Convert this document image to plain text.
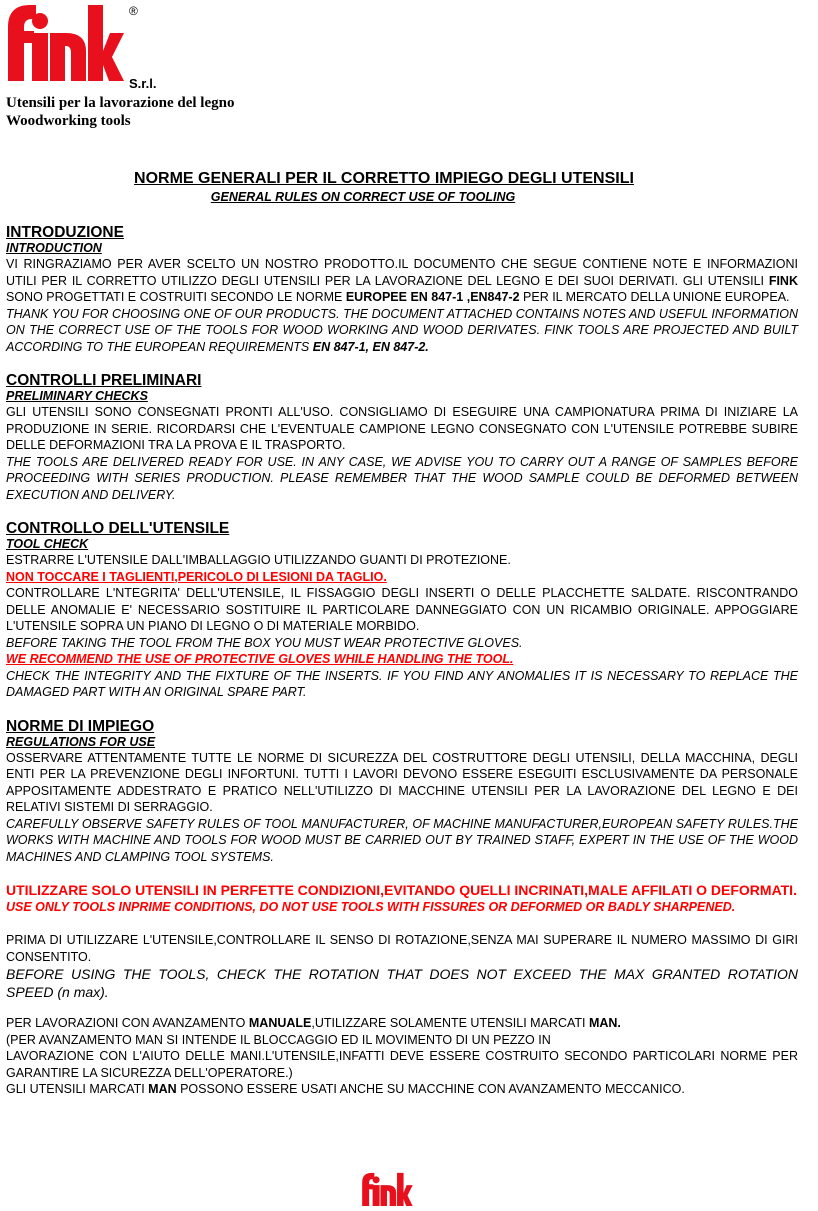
®
S.r.l.
Utensili per la lavorazione del legno
Woodworking tools
NORME GENERALI PER IL CORRETTO IMPIEGO DEGLI UTENSILI
GENERAL RULES ON CORRECT USE OF TOOLING

INTRODUZIONE

INTRODUCTION

VI RINGRAZIAMO PER AVER SCELTO UN NOSTRO PRODOTTO.IL DOCUMENTO CHE SEGUE CONTIENE NOTE E INFORMAZIONI UTILI PER IL CORRETTO UTILIZZO DEGLI UTENSILI PER LA LAVORAZIONE DEL LEGNO E DEI SUOI DERIVATI. GLI UTENSILI FINK SONO PROGETTATI E COSTRUITI SECONDO LE NORME EUROPEE EN 847-1 ,EN847-2 PER IL MERCATO DELLA UNIONE EUROPEA.

THANK YOU FOR CHOOSING ONE OF OUR PRODUCTS. THE DOCUMENT ATTACHED CONTAINS NOTES AND USEFUL INFORMATION ON THE CORRECT USE OF THE TOOLS FOR WOOD WORKING AND WOOD DERIVATES. FINK TOOLS ARE PROJECTED AND BUILT ACCORDING TO THE EUROPEAN REQUIREMENTS EN 847-1, EN 847-2.

CONTROLLI PRELIMINARI

PRELIMINARY CHECKS

GLI UTENSILI SONO CONSEGNATI PRONTI ALL'USO. CONSIGLIAMO DI ESEGUIRE UNA CAMPIONATURA PRIMA DI INIZIARE LA PRODUZIONE IN SERIE. RICORDARSI CHE L'EVENTUALE CAMPIONE LEGNO CONSEGNATO CON L'UTENSILE POTREBBE SUBIRE DELLE DEFORMAZIONI TRA LA PROVA E IL TRASPORTO.

THE TOOLS ARE DELIVERED READY FOR USE. IN ANY CASE, WE ADVISE YOU TO CARRY OUT A RANGE OF SAMPLES BEFORE PROCEEDING WITH SERIES PRODUCTION. PLEASE REMEMBER THAT THE WOOD SAMPLE COULD BE DEFORMED BETWEEN EXECUTION AND DELIVERY.

CONTROLLO DELL'UTENSILE

TOOL CHECK

ESTRARRE L'UTENSILE DALL'IMBALLAGGIO UTILIZZANDO GUANTI DI PROTEZIONE.

NON TOCCARE I TAGLIENTI,PERICOLO DI LESIONI DA TAGLIO.

CONTROLLARE L'NTEGRITA' DELL'UTENSILE, IL FISSAGGIO DEGLI INSERTI O DELLE PLACCHETTE SALDATE. RISCONTRANDO DELLE ANOMALIE E' NECESSARIO SOSTITUIRE IL PARTICOLARE DANNEGGIATO CON UN RICAMBIO ORIGINALE. APPOGGIARE L'UTENSILE SOPRA UN PIANO DI LEGNO O DI MATERIALE MORBIDO.

BEFORE TAKING THE TOOL FROM THE BOX YOU MUST WEAR PROTECTIVE GLOVES.

WE RECOMMEND THE USE OF PROTECTIVE GLOVES WHILE HANDLING THE TOOL.

CHECK THE INTEGRITY AND THE FIXTURE OF THE INSERTS. IF YOU FIND ANY ANOMALIES IT IS NECESSARY TO REPLACE THE DAMAGED PART WITH AN ORIGINAL SPARE PART.

NORME DI IMPIEGO

REGULATIONS FOR USE

OSSERVARE ATTENTAMENTE TUTTE LE NORME DI SICUREZZA DEL COSTRUTTORE DEGLI UTENSILI, DELLA MACCHINA, DEGLI ENTI PER LA PREVENZIONE DEGLI INFORTUNI. TUTTI I LAVORI DEVONO ESSERE ESEGUITI ESCLUSIVAMENTE DA PERSONALE APPOSITAMENTE ADDESTRATO E PRATICO NELL'UTILIZZO DI MACCHINE UTENSILI PER LA LAVORAZIONE DEL LEGNO E DEI RELATIVI SISTEMI DI SERRAGGIO.

CAREFULLY OBSERVE SAFETY RULES OF TOOL MANUFACTURER, OF MACHINE MANUFACTURER,EUROPEAN SAFETY RULES.THE WORKS WITH MACHINE AND TOOLS FOR WOOD MUST BE CARRIED OUT BY TRAINED STAFF, EXPERT IN THE USE OF THE WOOD MACHINES AND CLAMPING TOOL SYSTEMS.

UTILIZZARE SOLO UTENSILI IN PERFETTE CONDIZIONI,EVITANDO QUELLI INCRINATI,MALE AFFILATI O DEFORMATI.

USE ONLY TOOLS INPRIME CONDITIONS, DO NOT USE TOOLS WITH FISSURES OR DEFORMED OR BADLY SHARPENED.

PRIMA DI UTILIZZARE L'UTENSILE,CONTROLLARE IL SENSO DI ROTAZIONE,SENZA MAI SUPERARE IL NUMERO MASSIMO DI GIRI CONSENTITO.

BEFORE USING THE TOOLS, CHECK THE ROTATION THAT DOES NOT EXCEED THE MAX GRANTED ROTATION SPEED (n max).

PER LAVORAZIONI CON AVANZAMENTO MANUALE,UTILIZZARE SOLAMENTE UTENSILI MARCATI MAN.

(PER AVANZAMENTO MAN SI INTENDE IL BLOCCAGGIO ED IL MOVIMENTO DI UN PEZZO IN

LAVORAZIONE CON L'AIUTO DELLE MANI.L'UTENSILE,INFATTI DEVE ESSERE COSTRUITO SECONDO PARTICOLARI NORME PER GARANTIRE LA SICUREZZA DELL'OPERATORE.)

GLI UTENSILI MARCATI MAN POSSONO ESSERE USATI ANCHE SU MACCHINE CON AVANZAMENTO MECCANICO.
